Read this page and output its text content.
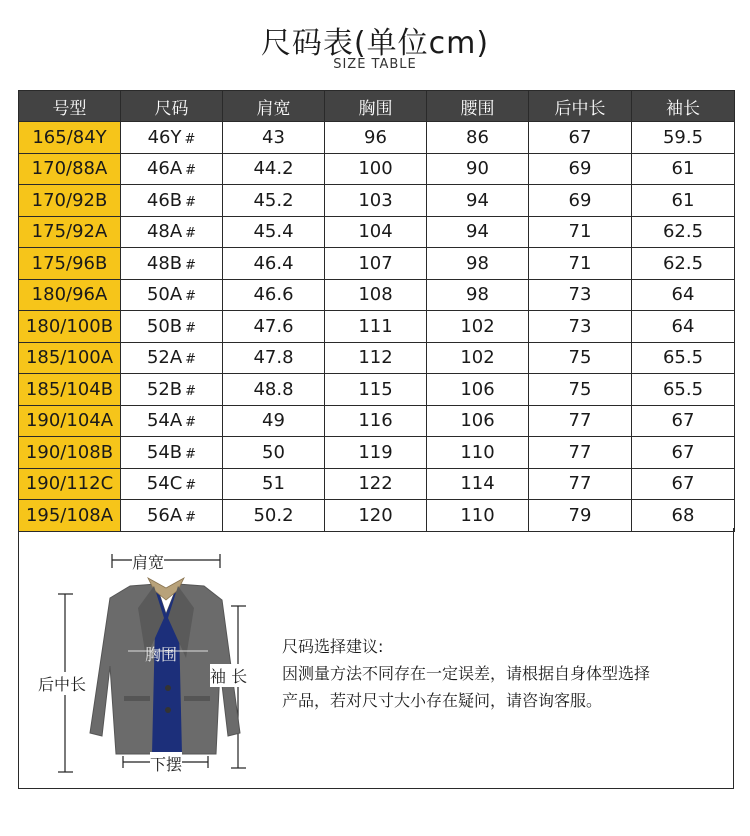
尺码表(单位cm)
SIZE TABLE
号型	尺码	肩宽	胸围	腰围	后中长	袖长
165/84Y	46Y #	43	96	86	67	59.5
170/88A	46A #	44.2	100	90	69	61
170/92B	46B #	45.2	103	94	69	61
175/92A	48A #	45.4	104	94	71	62.5
175/96B	48B #	46.4	107	98	71	62.5
180/96A	50A #	46.6	108	98	73	64
180/100B	50B #	47.6	111	102	73	64
185/100A	52A #	47.8	112	102	75	65.5
185/104B	52B #	48.8	115	106	75	65.5
190/104A	54A #	49	116	106	77	67
190/108B	54B #	50	119	110	77	67
190/112C	54C #	51	122	114	77	67
195/108A	56A #	50.2	120	110	79	68
肩宽
胸围
后中长	袖 长
下摆
尺码选择建议:
因测量方法不同存在一定误差，请根据自身体型选择
产品，若对尺寸大小存在疑问，请咨询客服。
